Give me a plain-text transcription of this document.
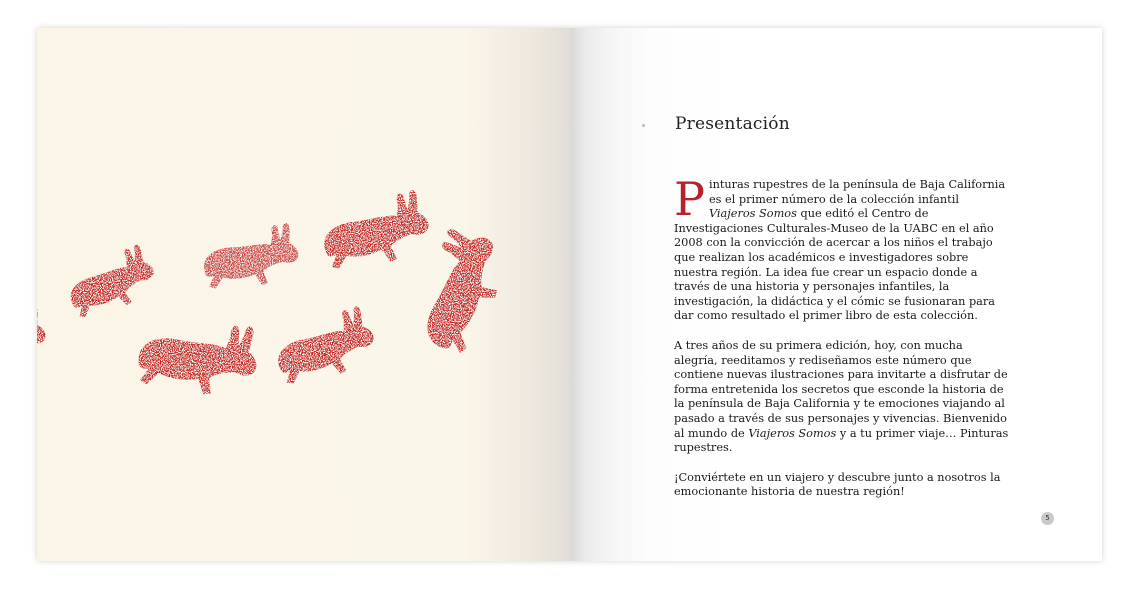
Presentación

Pinturas rupestres de la península de Baja California es el primer número de la colección infantil Viajeros Somos que editó el Centro de Investigaciones Culturales-Museo de la UABC en el año 2008 con la convicción de acercar a los niños el trabajo que realizan los académicos e investigadores sobre nuestra región. La idea fue crear un espacio donde a través de una historia y personajes infantiles, la investigación, la didáctica y el cómic se fusionaran para dar como resultado el primer libro de esta colección.

A tres años de su primera edición, hoy, con mucha alegría, reeditamos y rediseñamos este número que contiene nuevas ilustraciones para invitarte a disfrutar de forma entretenida los secretos que esconde la historia de la península de Baja California y te emociones viajando al pasado a través de sus personajes y vivencias. Bienvenido al mundo de Viajeros Somos y a tu primer viaje… Pinturas rupestres.

¡Conviértete en un viajero y descubre junto a nosotros la emocionante historia de nuestra región!

5
